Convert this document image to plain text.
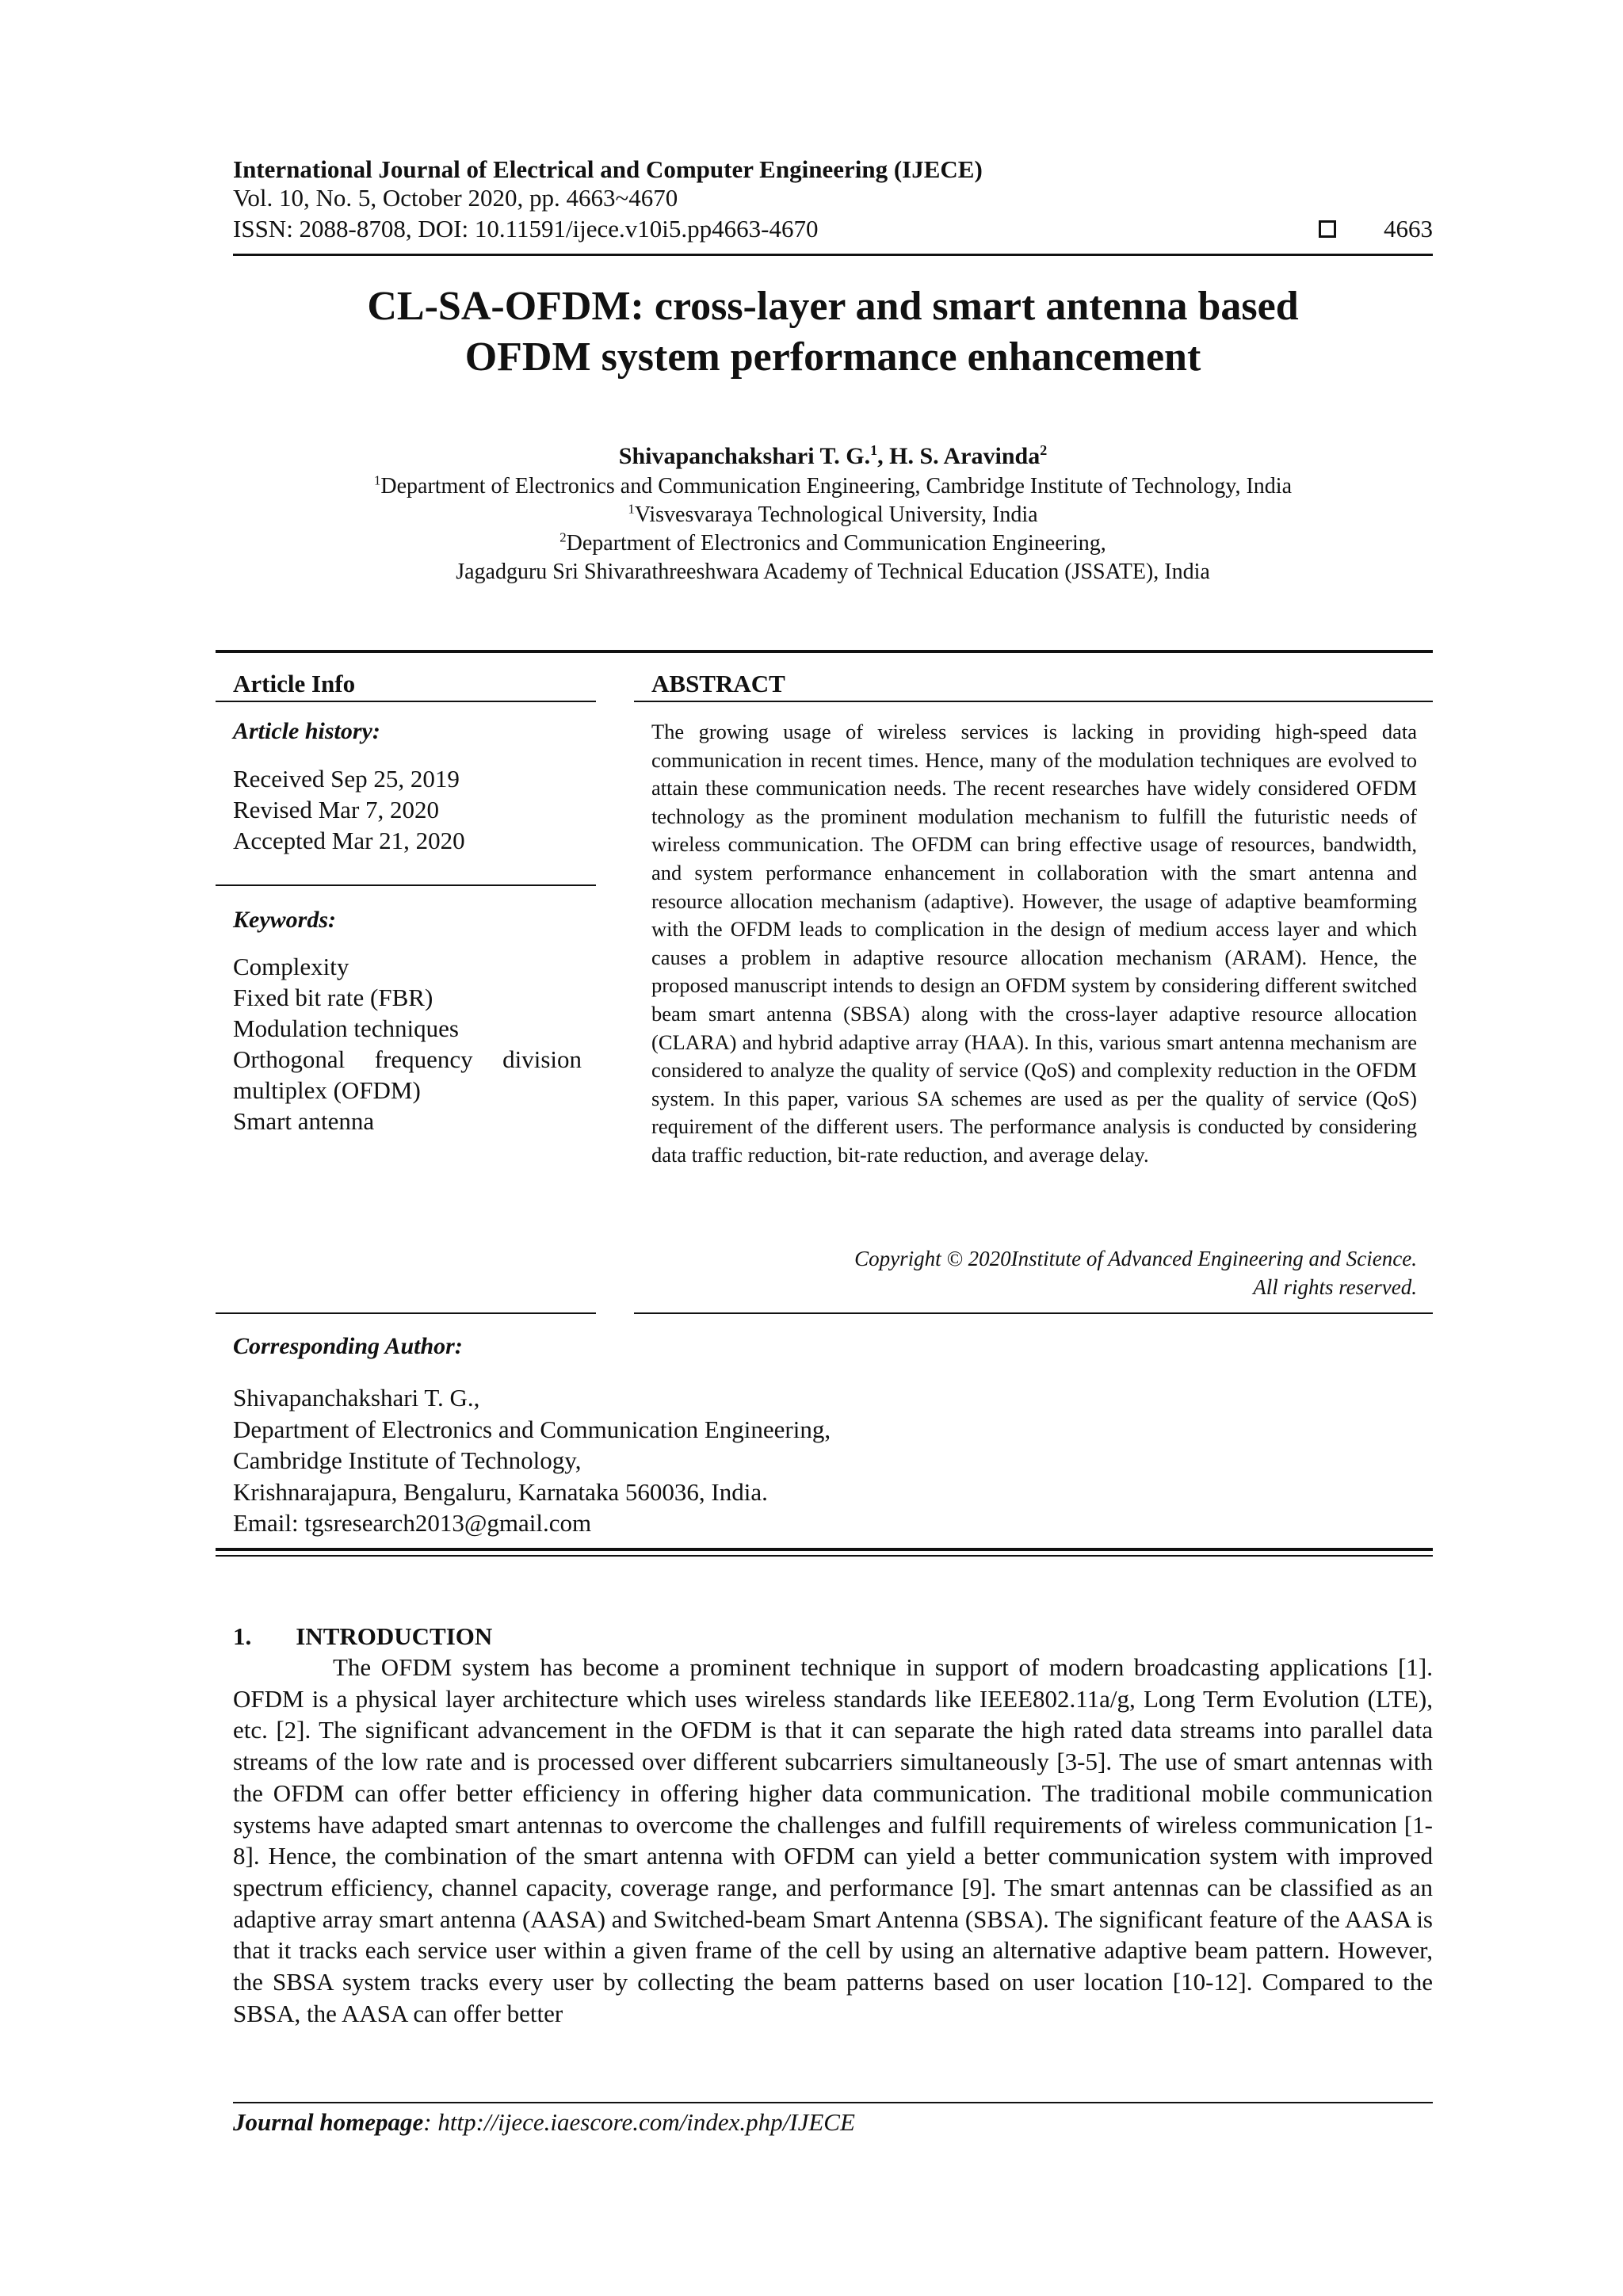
International Journal of Electrical and Computer Engineering (IJECE)
Vol. 10, No. 5, October 2020, pp. 4663~4670
ISSN: 2088-8708, DOI: 10.11591/ijece.v10i5.pp4663-4670	4663
CL-SA-OFDM: cross-layer and smart antenna based
OFDM system performance enhancement
Shivapanchakshari T. G.$^1$, H. S. Aravinda$^2$
$^1$Department of Electronics and Communication Engineering, Cambridge Institute of Technology, India
$^1$Visvesvaraya Technological University, India
$^2$Department of Electronics and Communication Engineering,
Jagadguru Sri Shivarathreeshwara Academy of Technical Education (JSSATE), India
Article Info	ABSTRACT
Article history:
Received Sep 25, 2019
Revised Mar 7, 2020
Accepted Mar 21, 2020
Keywords:
Complexity
Fixed bit rate (FBR)
Modulation techniques
Orthogonal frequency division
multiplex (OFDM)
Smart antenna
The growing usage of wireless services is lacking in providing high-speed data communication in recent times. Hence, many of the modulation techniques are evolved to attain these communication needs. The recent researches have widely considered OFDM technology as the prominent modulation mechanism to fulfill the futuristic needs of wireless communication. The OFDM can bring effective usage of resources, bandwidth, and system performance enhancement in collaboration with the smart antenna and resource allocation mechanism (adaptive). However, the usage of adaptive beamforming with the OFDM leads to complication in the design of medium access layer and which causes a problem in adaptive resource allocation mechanism (ARAM). Hence, the proposed manuscript intends to design an OFDM system by considering different switched beam smart antenna (SBSA) along with the cross-layer adaptive resource allocation (CLARA) and hybrid adaptive array (HAA). In this, various smart antenna mechanism are considered to analyze the quality of service (QoS) and complexity reduction in the OFDM system. In this paper, various SA schemes are used as per the quality of service (QoS) requirement of the different users. The performance analysis is conducted by considering data traffic reduction, bit-rate reduction, and average delay.
Copyright © 2020Institute of Advanced Engineering and Science.
All rights reserved.
Corresponding Author:
Shivapanchakshari T. G.,
Department of Electronics and Communication Engineering,
Cambridge Institute of Technology,
Krishnarajapura, Bengaluru, Karnataka 560036, India.
Email: tgsresearch2013@gmail.com
1. INTRODUCTION
The OFDM system has become a prominent technique in support of modern broadcasting applications [1]. OFDM is a physical layer architecture which uses wireless standards like IEEE802.11a/g, Long Term Evolution (LTE), etc. [2]. The significant advancement in the OFDM is that it can separate the high rated data streams into parallel data streams of the low rate and is processed over different subcarriers simultaneously [3-5]. The use of smart antennas with the OFDM can offer better efficiency in offering higher data communication. The traditional mobile communication systems have adapted smart antennas to overcome the challenges and fulfill requirements of wireless communication [1-8]. Hence, the combination of the smart antenna with OFDM can yield a better communication system with improved spectrum efficiency, channel capacity, coverage range, and performance [9]. The smart antennas can be classified as an adaptive array smart antenna (AASA) and Switched-beam Smart Antenna (SBSA). The significant feature of the AASA is that it tracks each service user within a given frame of the cell by using an alternative adaptive beam pattern. However, the SBSA system tracks every user by collecting the beam patterns based on user location [10-12]. Compared to the SBSA, the AASA can offer better
Journal homepage: http://ijece.iaescore.com/index.php/IJECE
